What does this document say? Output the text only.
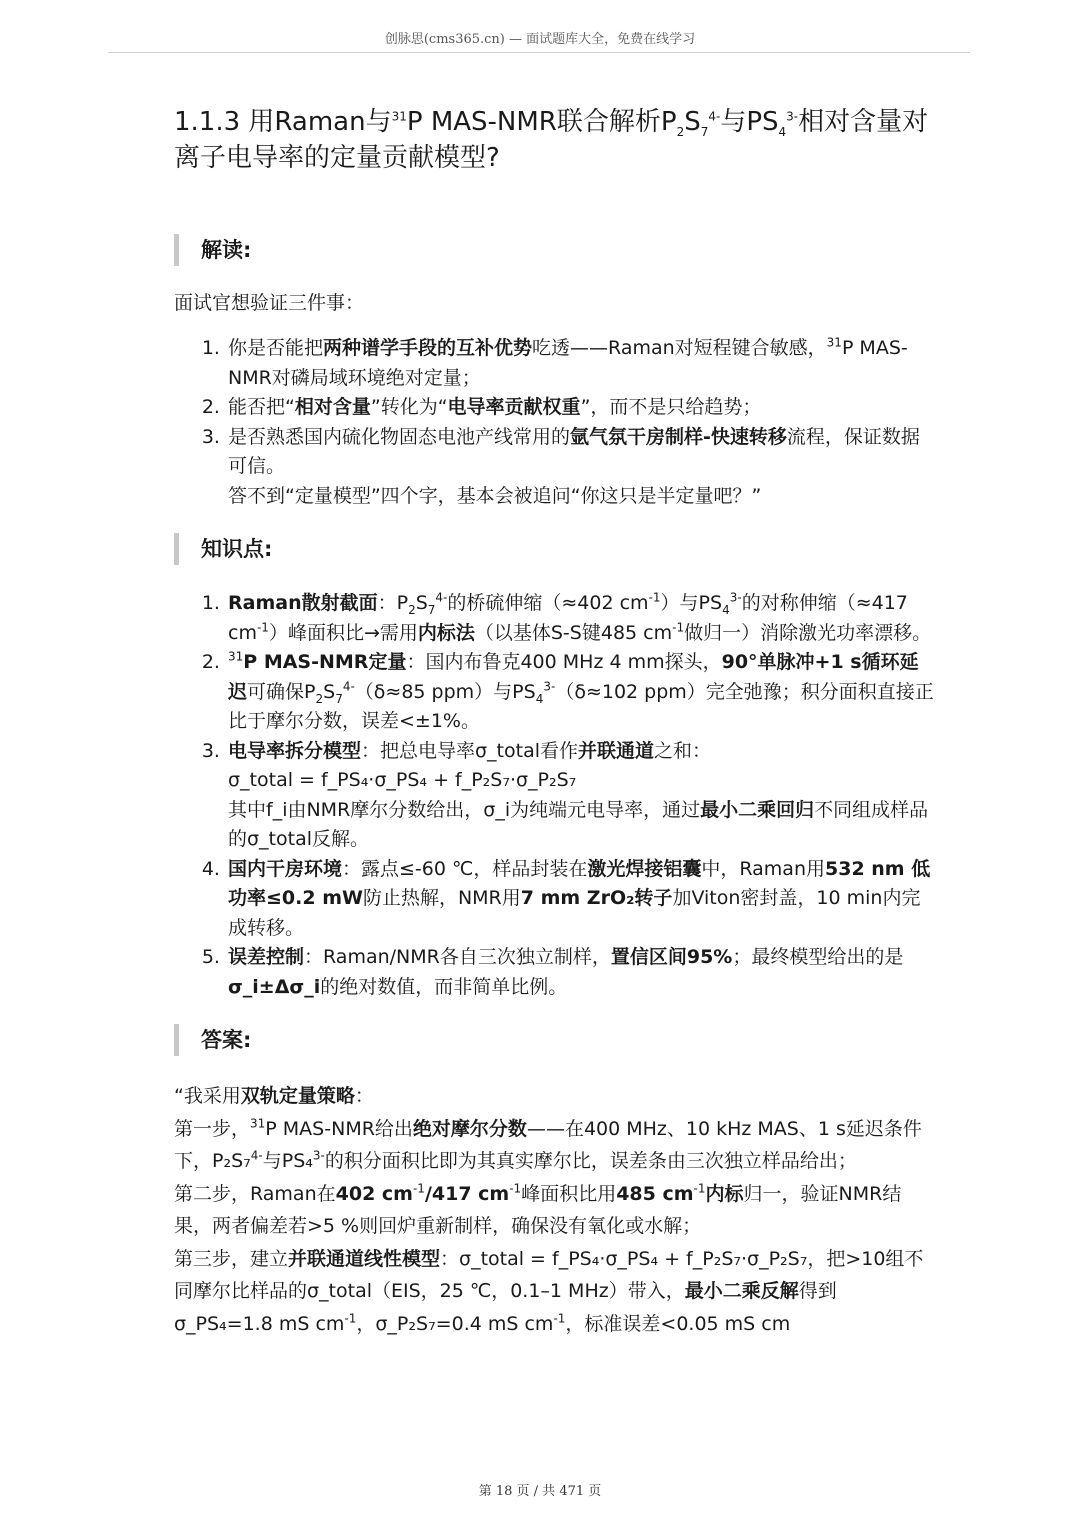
创脉思(cms365.cn) — 面试题库大全，免费在线学习
1.1.3 用Raman与$^{31}$P MAS-NMR联合解析$P_2S_7^{4-}$与$PS_4^{3-}$相对含量对离子电导率的定量贡献模型?
解读:
面试官想验证三件事：
1. 你是否能把两种谱学手段的互补优势吃透——Raman对短程键合敏感，$^{31}$P MAS-NMR对磷局域环境绝对定量；
2. 能否把“相对含量”转化为“电导率贡献权重”，而不是只给趋势；
3. 是否熟悉国内硫化物固态电池产线常用的氩气氛干房制样-快速转移流程，保证数据可信。
答不到“定量模型”四个字，基本会被追问“你这只是半定量吧？”
知识点:
1. Raman散射截面：$P_2S_7^{4-}$的桥硫伸缩（≈402 $cm^{-1}$）与$PS_4^{3-}$的对称伸缩（≈417 $cm^{-1}$）峰面积比→需用内标法（以基体S-S键485 $cm^{-1}$做归一）消除激光功率漂移。
2. $^{31}$P MAS-NMR定量：国内布鲁克400 MHz 4 mm探头，90°单脉冲+1 s循环延迟可确保$P_2S_7^{4-}(\delta\approx 85$ ppm）与$PS_4^{3-}(\delta\approx 102$ ppm）完全弛豫；积分面积直接正比于摩尔分数，误差<±1%。
3. 电导率拆分模型：把总电导率σ_total看作并联通道之和：
σ_total = f_PS₄·σ_PS₄ + f_P₂S₇·σ_P₂S₇
其中f_i由NMR摩尔分数给出，σ_i为纯端元电导率，通过最小二乘回归不同组成样品的σ_total反解。
4. 国内干房环境：露点≤-60 ℃，样品封装在激光焊接铝囊中，Raman用532 nm 低功率≤0.2 mW防止热解，NMR用7 mm ZrO₂转子加Viton密封盖，10 min内完成转移。
5. 误差控制：Raman/NMR各自三次独立制样，置信区间95%；最终模型给出的是σ_i±Δσ_i的绝对数值，而非简单比例。
答案:
“我采用双轨定量策略：
第一步，$^{31}$P MAS-NMR给出绝对摩尔分数——在400 MHz、10 kHz MAS、1 s延迟条件下，P₂S₇$^{4-}$与PS₄$^{3-}$的积分面积比即为其真实摩尔比，误差条由三次独立样品给出；
第二步，Raman在402 $cm^{-1}/417$ $cm^{-1}$峰面积比用485 $cm^{-1}$内标归一，验证NMR结果，两者偏差若>5 %则回炉重新制样，确保没有氧化或水解；
第三步，建立并联通道线性模型：σ_total = f_PS₄·σ_PS₄ + f_P₂S₇·σ_P₂S₇，把>10组不同摩尔比样品的σ_total（EIS，25 ℃，0.1–1 MHz）带入，最小二乘反解得到σ_PS₄=1.8 mS $cm^{-1}$，σ_P₂S₇=0.4 mS $cm^{-1}$，标准误差<0.05 mS cm
第 18 页 / 共 471 页
